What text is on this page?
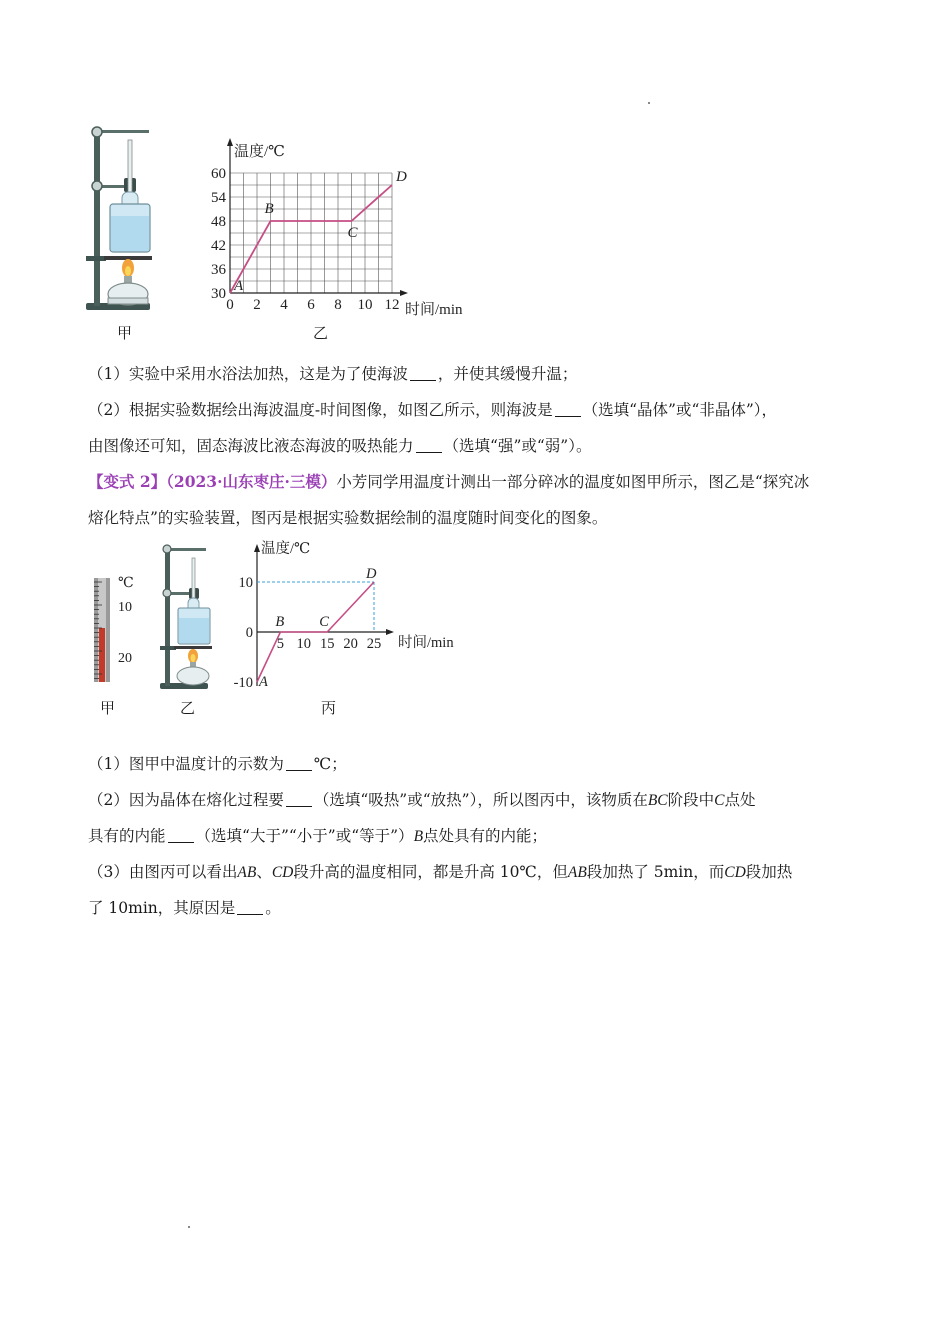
甲
60
54
48
42
36
30
0 2 4 6 8 10 12
A
B
C
D
温度/℃
时间/min
乙
（1）实验中采用水浴法加热，这是为了使海波 ，并使其缓慢升温；
（2）根据实验数据绘出海波温度-时间图像，如图乙所示，则海波是 （选填“晶体”或“非晶体”），
由图像还可知，固态海波比液态海波的吸热能力 （选填“强”或“弱”）。
【变式 2】（2023·山东枣庄·三模）小芳同学用温度计测出一部分碎冰的温度如图甲所示，图乙是“探究冰
熔化特点”的实验装置，图丙是根据实验数据绘制的温度随时间变化的图象。
℃
10
20
甲	乙
10
0
-10
5 10 15 20 25
A
B C
D
温度/℃
时间/min
丙
（1）图甲中温度计的示数为 ℃；
（2）因为晶体在熔化过程要 （选填“吸热”或“放热”），所以图丙中，该物质在BC阶段中C点处
具有的内能 （选填“大于”“小于”或“等于”）B点处具有的内能；
（3）由图丙可以看出AB、CD段升高的温度相同，都是升高 10℃，但AB段加热了 5min，而CD段加热
了 10min，其原因是 。
